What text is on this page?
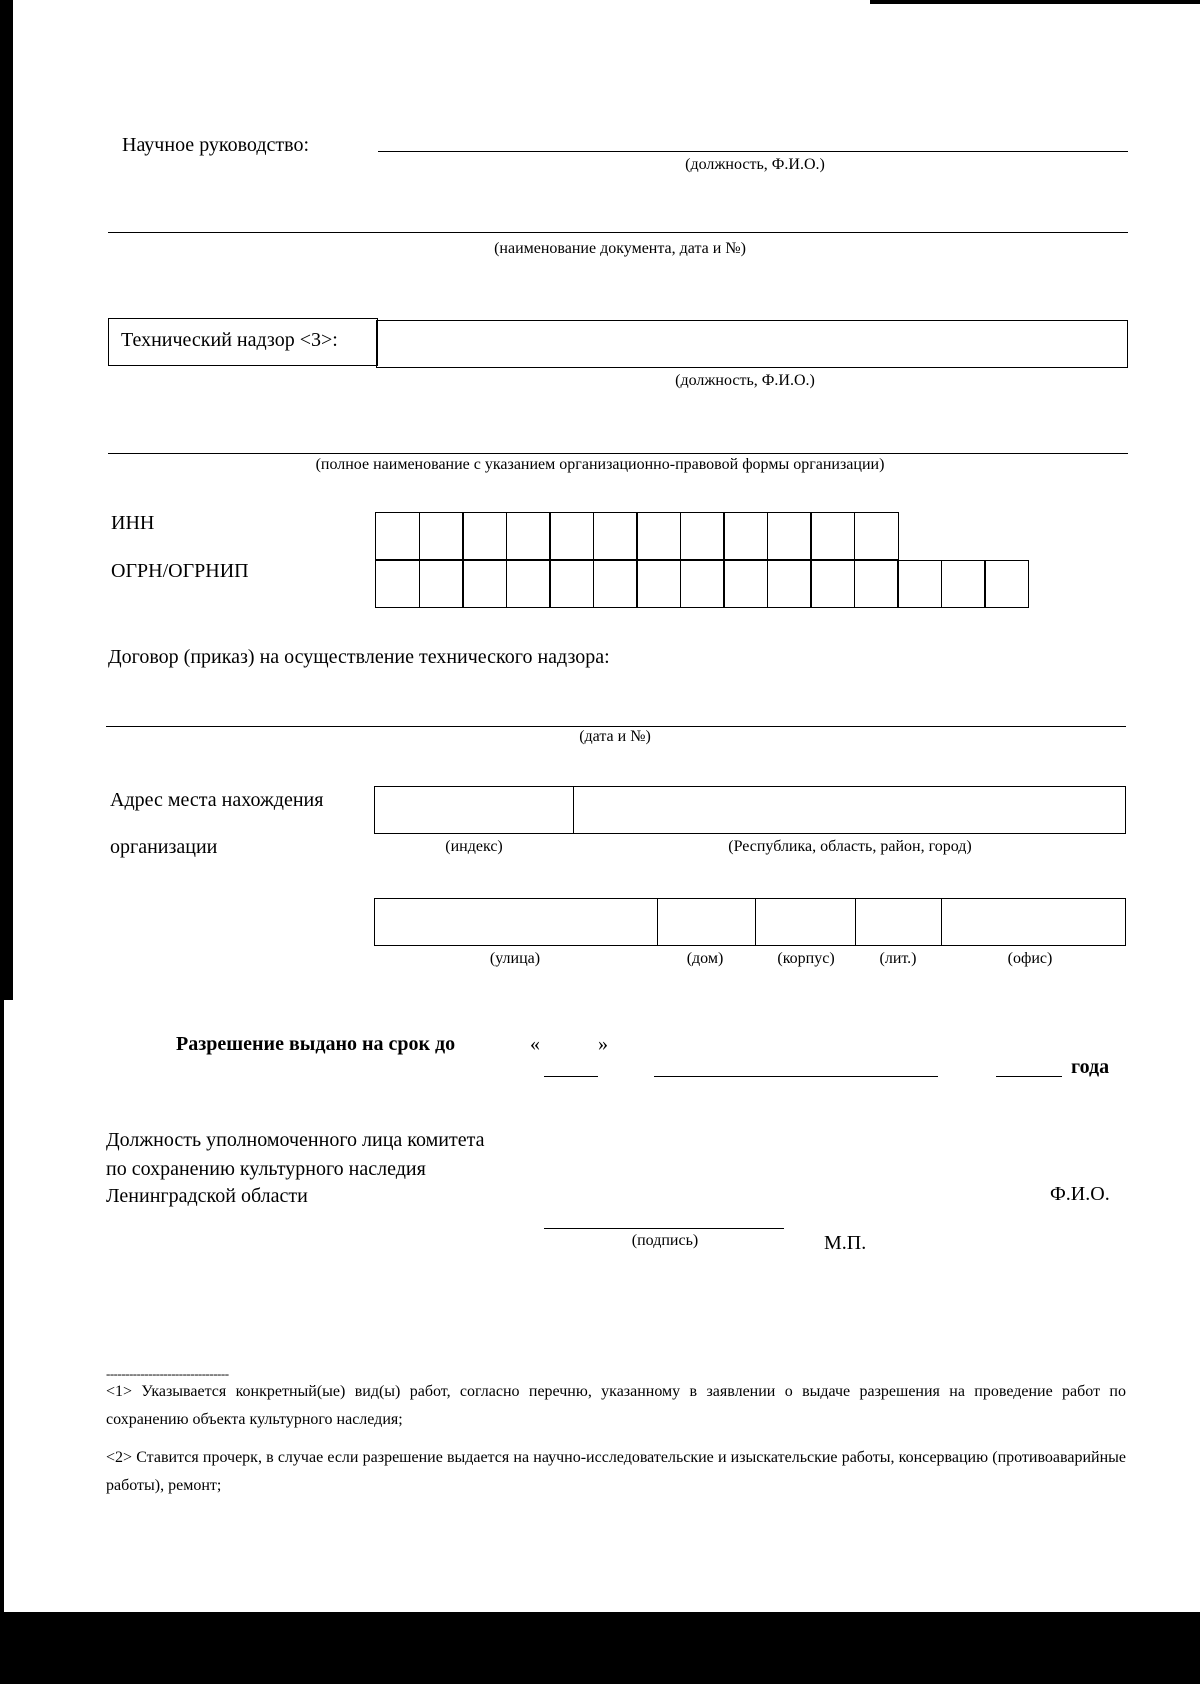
Научное руководство:
(должность, Ф.И.О.)
(наименование документа, дата и №)
Технический надзор <3>:
(должность, Ф.И.О.)
(полное наименование с указанием организационно-правовой формы организации)
ИНН
ОГРН/ОГРНИП
Договор (приказ) на осуществление технического надзора:
(дата и №)
Адрес места нахождения
организации	(индекс)	(Республика, область, район, город)
(улица)	(дом)	(корпус)	(лит.)	(офис)
Разрешение выдано на срок до	«	»
года
Должность уполномоченного лица комитета
по сохранению культурного наследия
Ленинградской области	Ф.И.О.
(подпись)	М.П.
--------------------------------
<1> Указывается конкретный(ые) вид(ы) работ, согласно перечню, указанному в заявлении о выдаче разрешения на проведение работ по сохранению объекта культурного наследия;
<2> Ставится прочерк, в случае если разрешение выдается на научно-исследовательские и изыскательские работы, консервацию (противоаварийные работы), ремонт;
